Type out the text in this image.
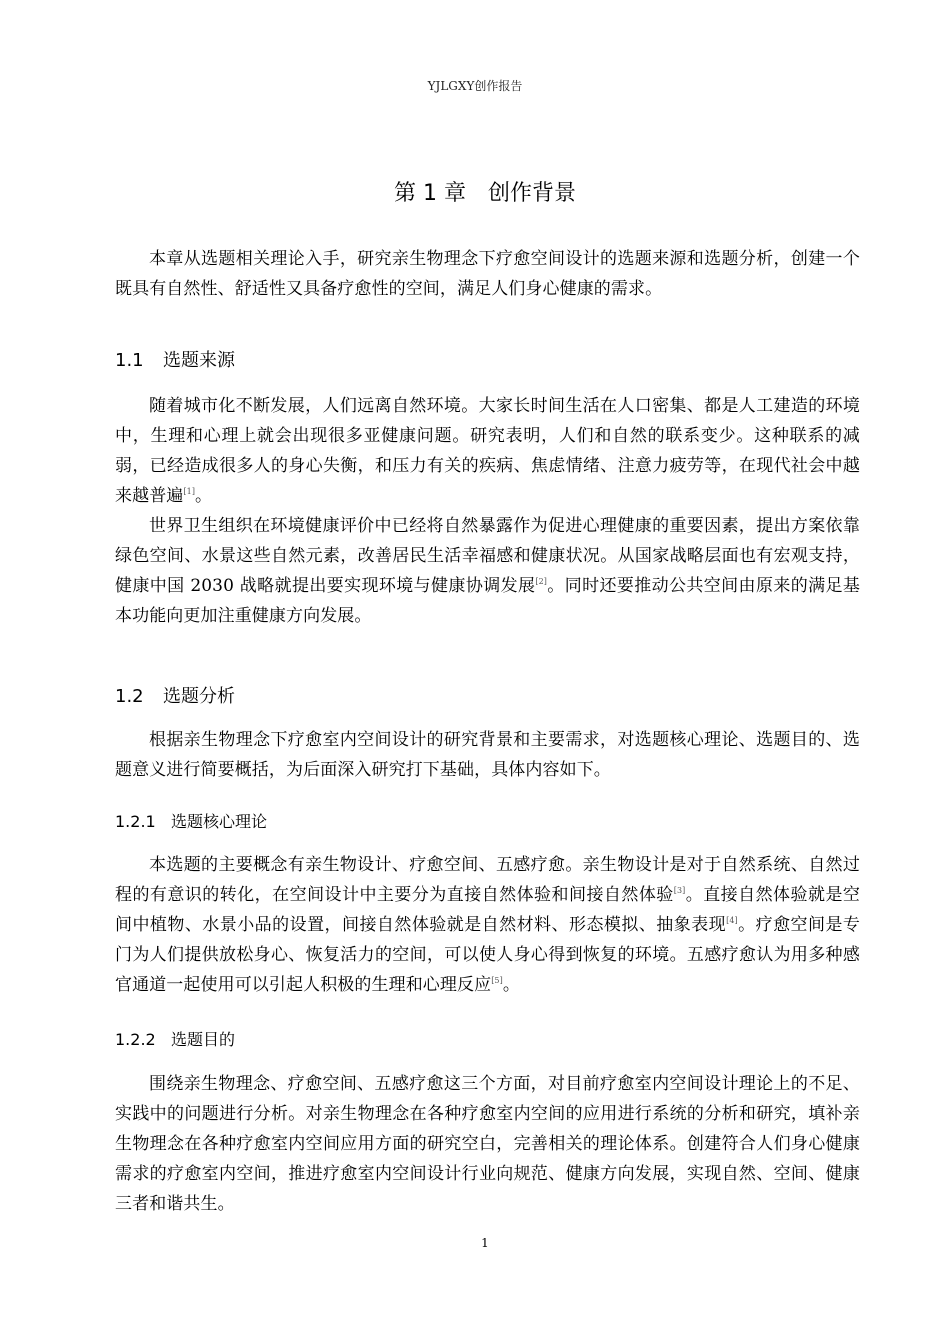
YJLGXY创作报告
第 1 章 创作背景

本章从选题相关理论入手，研究亲生物理念下疗愈空间设计的选题来源和选题分析，创建一个既具有自然性、舒适性又具备疗愈性的空间，满足人们身心健康的需求。

1.1 选题来源

随着城市化不断发展，人们远离自然环境。大家长时间生活在人口密集、都是人工建造的环境中，生理和心理上就会出现很多亚健康问题。研究表明，人们和自然的联系变少。这种联系的减弱，已经造成很多人的身心失衡，和压力有关的疾病、焦虑情绪、注意力疲劳等，在现代社会中越来越普遍[1]。

世界卫生组织在环境健康评价中已经将自然暴露作为促进心理健康的重要因素，提出方案依靠绿色空间、水景这些自然元素，改善居民生活幸福感和健康状况。从国家战略层面也有宏观支持，健康中国 2030 战略就提出要实现环境与健康协调发展[2]。同时还要推动公共空间由原来的满足基本功能向更加注重健康方向发展。

1.2 选题分析

根据亲生物理念下疗愈室内空间设计的研究背景和主要需求，对选题核心理论、选题目的、选题意义进行简要概括，为后面深入研究打下基础，具体内容如下。

1.2.1 选题核心理论

本选题的主要概念有亲生物设计、疗愈空间、五感疗愈。亲生物设计是对于自然系统、自然过程的有意识的转化，在空间设计中主要分为直接自然体验和间接自然体验[3]。直接自然体验就是空间中植物、水景小品的设置，间接自然体验就是自然材料、形态模拟、抽象表现[4]。疗愈空间是专门为人们提供放松身心、恢复活力的空间，可以使人身心得到恢复的环境。五感疗愈认为用多种感官通道一起使用可以引起人积极的生理和心理反应[5]。

1.2.2 选题目的

围绕亲生物理念、疗愈空间、五感疗愈这三个方面，对目前疗愈室内空间设计理论上的不足、实践中的问题进行分析。对亲生物理念在各种疗愈室内空间的应用进行系统的分析和研究，填补亲生物理念在各种疗愈室内空间应用方面的研究空白，完善相关的理论体系。创建符合人们身心健康需求的疗愈室内空间，推进疗愈室内空间设计行业向规范、健康方向发展，实现自然、空间、健康三者和谐共生。

1
